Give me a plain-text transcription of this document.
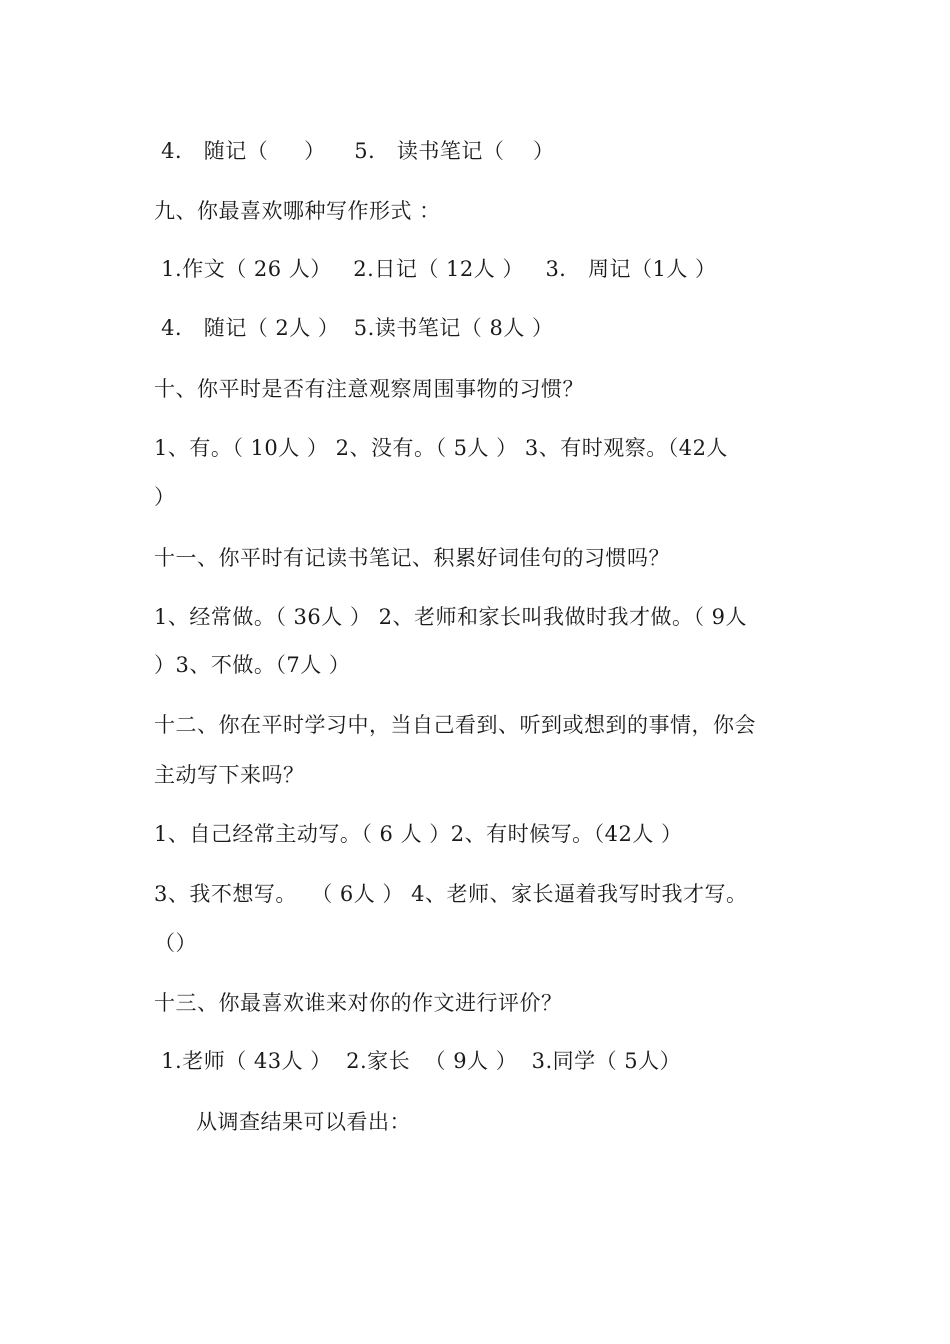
4． 随记（     ）    5． 读书笔记（    ）
九、你最喜欢哪种写作形式 ：
1.作文（ 26 人）   2.日记（ 12人 ）   3． 周记（1人 ）
4． 随记（ 2人 ）  5.读书笔记（ 8人 ）
十、你平时是否有注意观察周围事物的习惯？
1、有。（ 10人 ） 2、没有。（ 5人 ） 3、有时观察。（42人
）
十一、你平时有记读书笔记、积累好词佳句的习惯吗？
1、经常做。（ 36人 ） 2、老师和家长叫我做时我才做。（ 9人
）3、不做。（7人 ）
十二、你在平时学习中，当自己看到、听到或想到的事情，你会
主动写下来吗？
1、自己经常主动写。（ 6 人 ）2、有时候写。（42人 ）
3、我不想写。  （ 6人 ） 4、老师、家长逼着我写时我才写。
（）
十三、你最喜欢谁来对你的作文进行评价？
1.老师（ 43人 ）  2.家长  （ 9人 ）  3.同学（ 5人）
从调查结果可以看出：
